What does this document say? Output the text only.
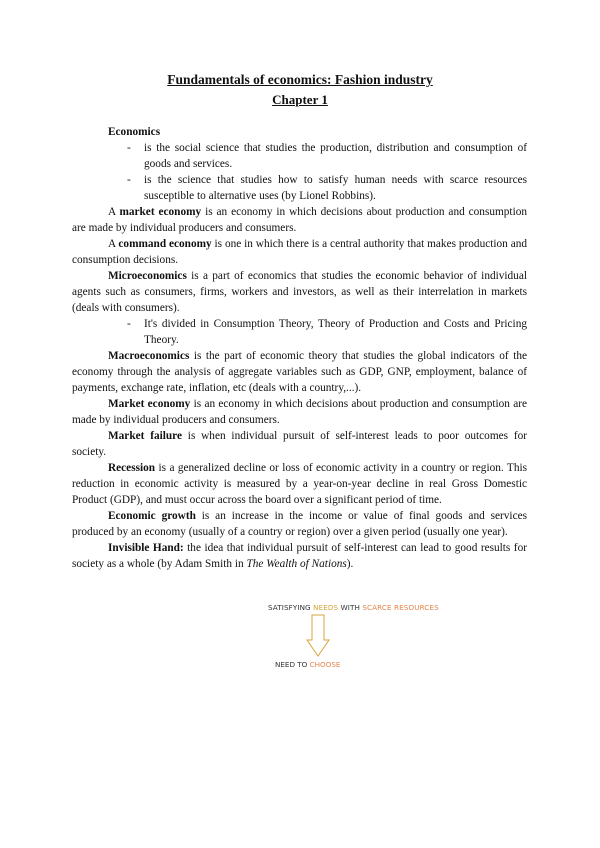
Fundamentals of economics: Fashion industry
Chapter 1
Economics
- is the social science that studies the production, distribution and consumption of goods and services.
- is the science that studies how to satisfy human needs with scarce resources susceptible to alternative uses (by Lionel Robbins).

A market economy is an economy in which decisions about production and consumption are made by individual producers and consumers.

A command economy is one in which there is a central authority that makes production and consumption decisions.

Microeconomics is a part of economics that studies the economic behavior of individual agents such as consumers, firms, workers and investors, as well as their interrelation in markets (deals with consumers).

- It's divided in Consumption Theory, Theory of Production and Costs and Pricing Theory.

Macroeconomics is the part of economic theory that studies the global indicators of the economy through the analysis of aggregate variables such as GDP, GNP, employment, balance of payments, exchange rate, inflation, etc (deals with a country,...).

Market economy is an economy in which decisions about production and consumption are made by individual producers and consumers.

Market failure is when individual pursuit of self-interest leads to poor outcomes for society.

Recession is a generalized decline or loss of economic activity in a country or region. This reduction in economic activity is measured by a year-on-year decline in real Gross Domestic Product (GDP), and must occur across the board over a significant period of time.

Economic growth is an increase in the income or value of final goods and services produced by an economy (usually of a country or region) over a given period (usually one year).

Invisible Hand: the idea that individual pursuit of self-interest can lead to good results for society as a whole (by Adam Smith in The Wealth of Nations).

SATISFYING NEEDS WITH SCARCE RESOURCES
NEED TO CHOOSE
